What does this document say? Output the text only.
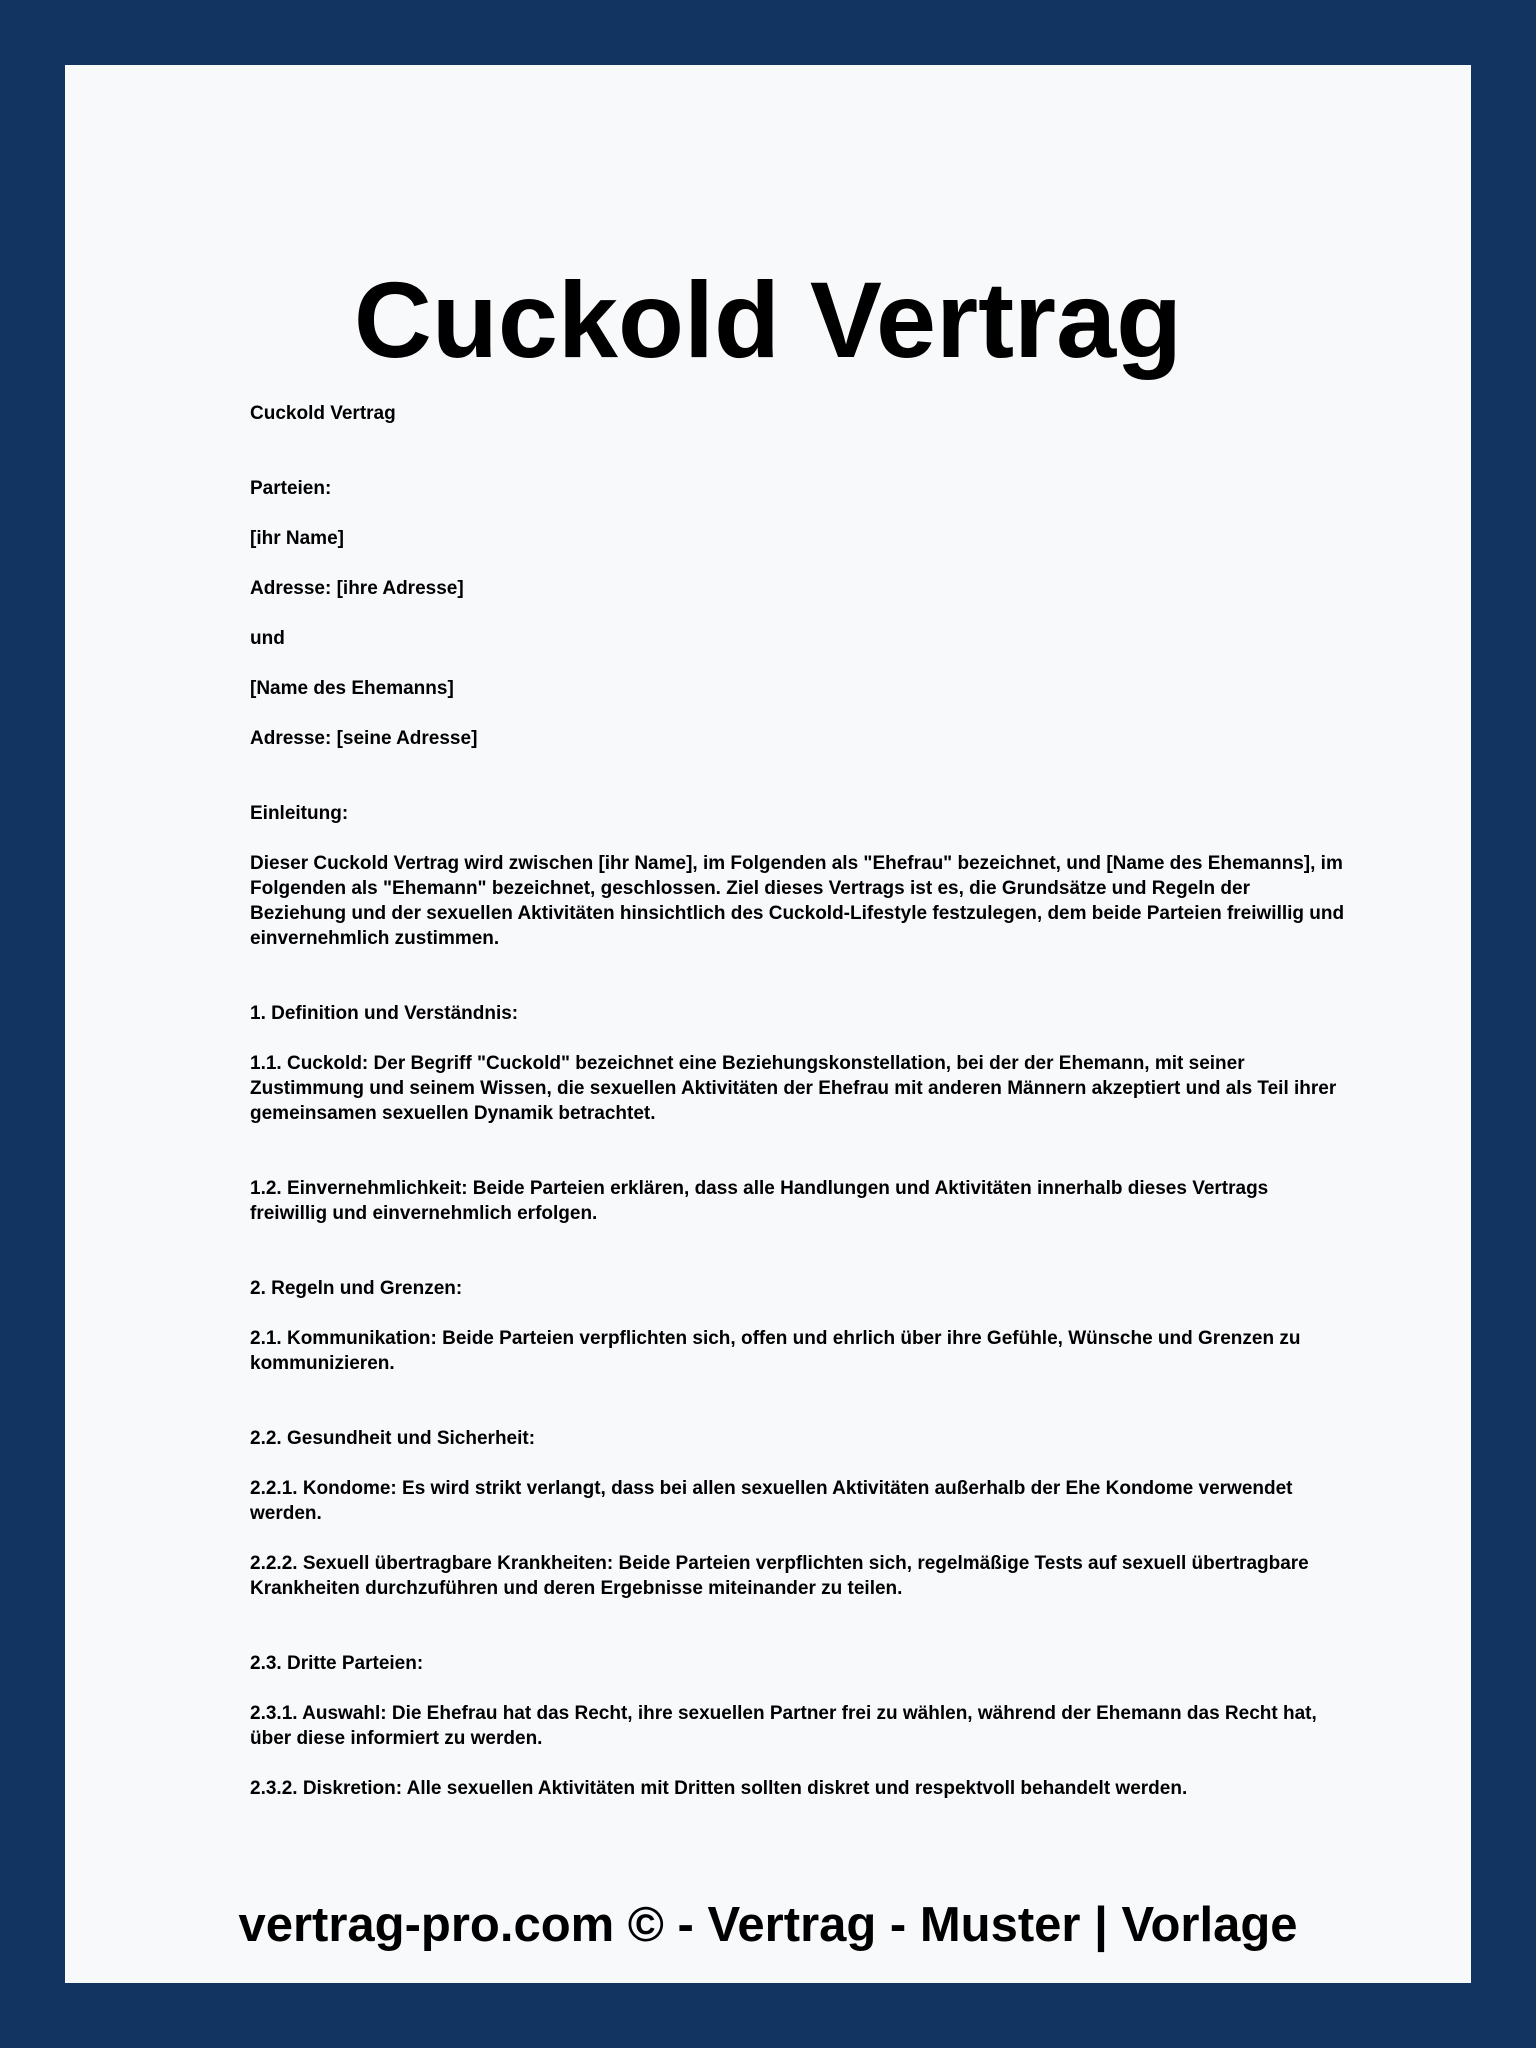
Cuckold Vertrag

Cuckold Vertrag

Parteien:

[ihr Name]

Adresse: [ihre Adresse]

und

[Name des Ehemanns]

Adresse: [seine Adresse]

Einleitung:

Dieser Cuckold Vertrag wird zwischen [ihr Name], im Folgenden als "Ehefrau" bezeichnet, und [Name des Ehemanns], im Folgenden als "Ehemann" bezeichnet, geschlossen. Ziel dieses Vertrags ist es, die Grundsätze und Regeln der Beziehung und der sexuellen Aktivitäten hinsichtlich des Cuckold-Lifestyle festzulegen, dem beide Parteien freiwillig und einvernehmlich zustimmen.

1. Definition und Verständnis:

1.1. Cuckold: Der Begriff "Cuckold" bezeichnet eine Beziehungskonstellation, bei der der Ehemann, mit seiner Zustimmung und seinem Wissen, die sexuellen Aktivitäten der Ehefrau mit anderen Männern akzeptiert und als Teil ihrer gemeinsamen sexuellen Dynamik betrachtet.

1.2. Einvernehmlichkeit: Beide Parteien erklären, dass alle Handlungen und Aktivitäten innerhalb dieses Vertrags freiwillig und einvernehmlich erfolgen.

2. Regeln und Grenzen:

2.1. Kommunikation: Beide Parteien verpflichten sich, offen und ehrlich über ihre Gefühle, Wünsche und Grenzen zu kommunizieren.

2.2. Gesundheit und Sicherheit:

2.2.1. Kondome: Es wird strikt verlangt, dass bei allen sexuellen Aktivitäten außerhalb der Ehe Kondome verwendet werden.

2.2.2. Sexuell übertragbare Krankheiten: Beide Parteien verpflichten sich, regelmäßige Tests auf sexuell übertragbare Krankheiten durchzuführen und deren Ergebnisse miteinander zu teilen.

2.3. Dritte Parteien:

2.3.1. Auswahl: Die Ehefrau hat das Recht, ihre sexuellen Partner frei zu wählen, während der Ehemann das Recht hat, über diese informiert zu werden.

2.3.2. Diskretion: Alle sexuellen Aktivitäten mit Dritten sollten diskret und respektvoll behandelt werden.

vertrag-pro.com © - Vertrag - Muster | Vorlage
